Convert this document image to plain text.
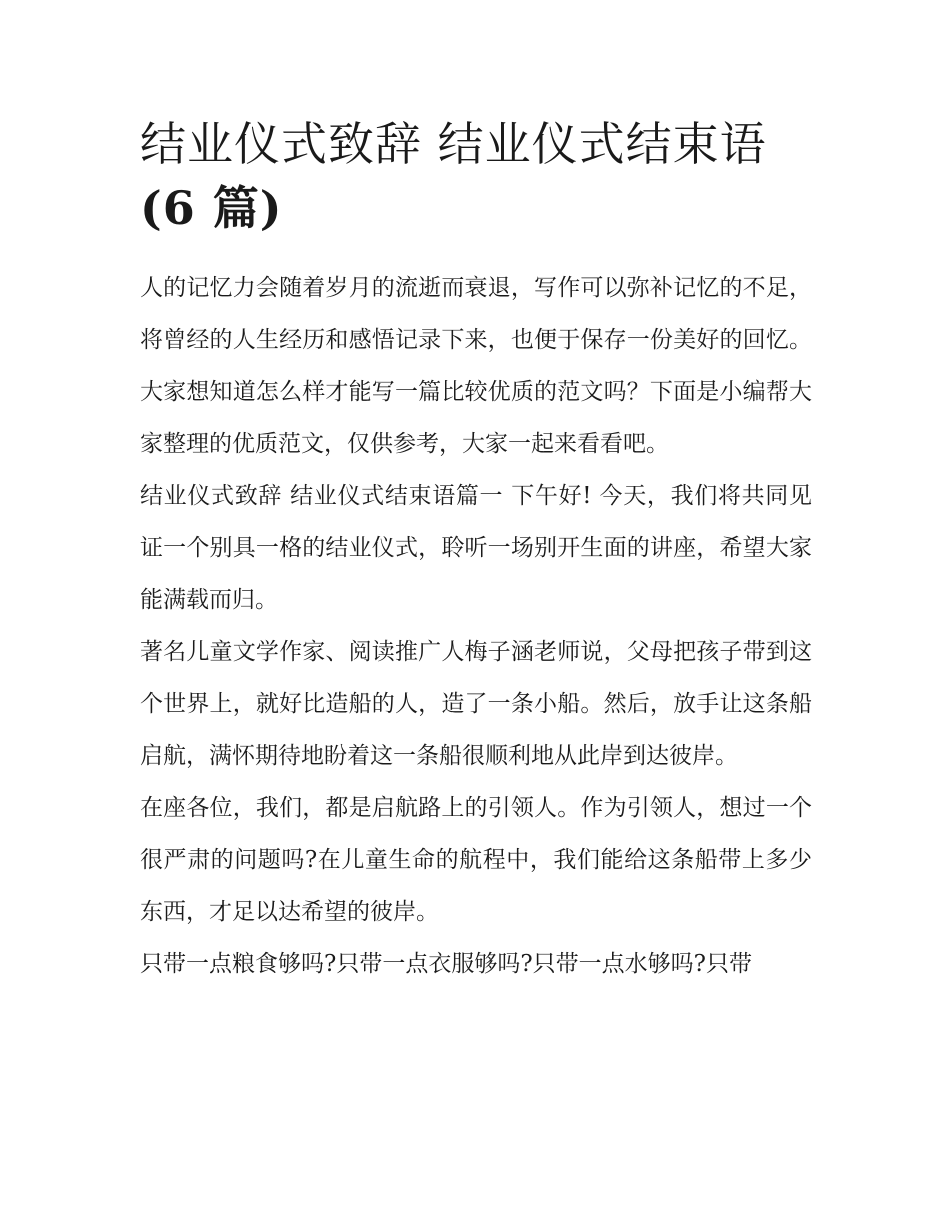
结业仪式致辞 结业仪式结束语
(6 篇)

人的记忆力会随着岁月的流逝而衰退，写作可以弥补记忆的不足，将曾经的人生经历和感悟记录下来，也便于保存一份美好的回忆。大家想知道怎么样才能写一篇比较优质的范文吗？下面是小编帮大家整理的优质范文，仅供参考，大家一起来看看吧。

结业仪式致辞 结业仪式结束语篇一 下午好! 今天，我们将共同见证一个别具一格的结业仪式，聆听一场别开生面的讲座，希望大家能满载而归。

著名儿童文学作家、阅读推广人梅子涵老师说，父母把孩子带到这个世界上，就好比造船的人，造了一条小船。然后，放手让这条船启航，满怀期待地盼着这一条船很顺利地从此岸到达彼岸。

在座各位，我们，都是启航路上的引领人。作为引领人，想过一个很严肃的问题吗?在儿童生命的航程中，我们能给这条船带上多少东西，才足以达希望的彼岸。

只带一点粮食够吗?只带一点衣服够吗?只带一点水够吗?只带
